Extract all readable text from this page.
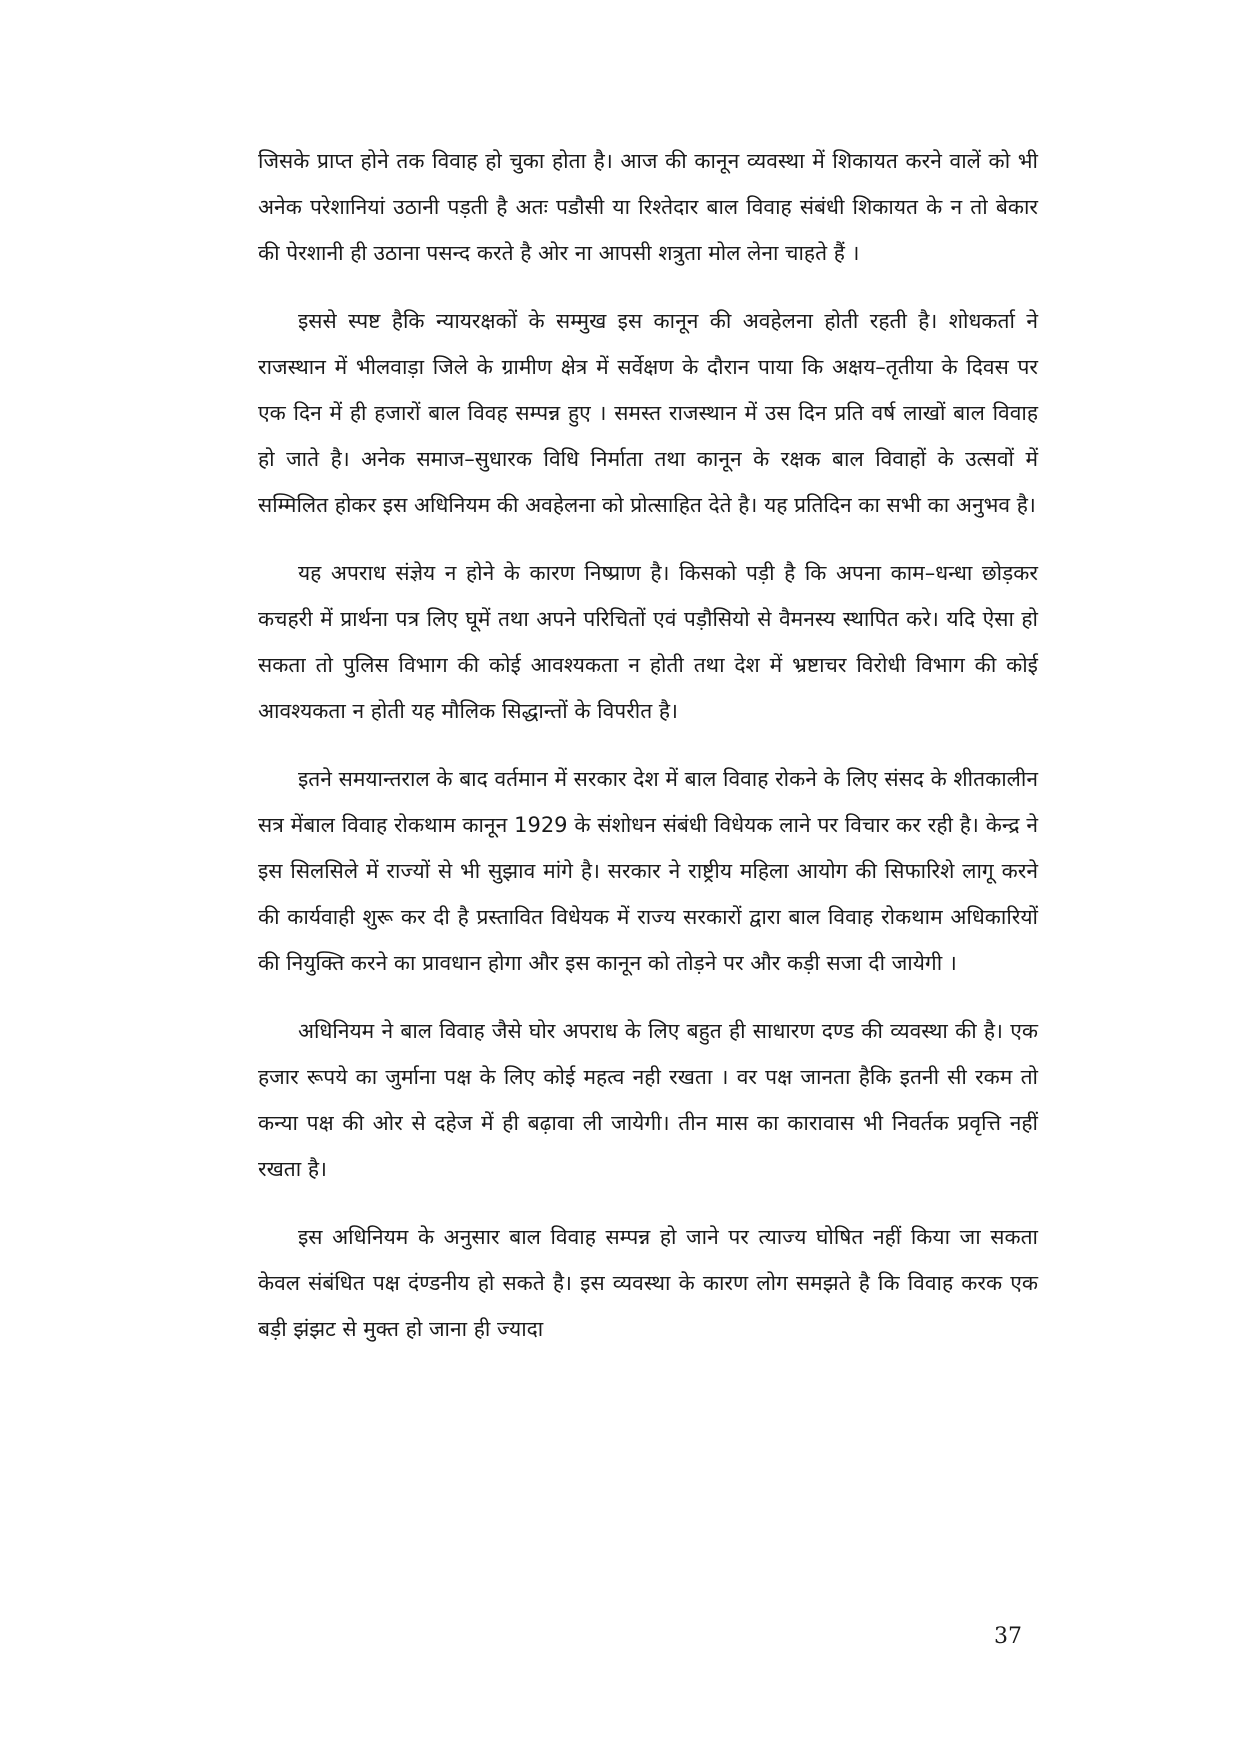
जिसके प्राप्त होने तक विवाह हो चुका होता है। आज की कानून व्यवस्था में शिकायत करने वालें को भी अनेक परेशानियां उठानी पड़ती है अतः पडौसी या रिश्तेदार बाल विवाह संबंधी शिकायत के न तो बेकार की पेरशानी ही उठाना पसन्द करते है ओर ना आपसी शत्रुता मोल लेना चाहते हैं ।

इससे स्पष्ट हैकि न्यायरक्षकों के सम्मुख इस कानून की अवहेलना होती रहती है। शोधकर्ता ने राजस्थान में भीलवाड़ा जिले के ग्रामीण क्षेत्र में सर्वेक्षण के दौरान पाया कि अक्षय–तृतीया के दिवस पर एक दिन में ही हजारों बाल विवह सम्पन्न हुए । समस्त राजस्थान में उस दिन प्रति वर्ष लाखों बाल विवाह हो जाते है। अनेक समाज–सुधारक विधि निर्माता तथा कानून के रक्षक बाल विवाहों के उत्सवों में सम्मिलित होकर इस अधिनियम की अवहेलना को प्रोत्साहित देते है। यह प्रतिदिन का सभी का अनुभव है।

यह अपराध संज्ञेय न होने के कारण निष्प्राण है। किसको पड़ी है कि अपना काम–धन्धा छोड़कर कचहरी में प्रार्थना पत्र लिए घूमें तथा अपने परिचितों एवं पड़ौसियो से वैमनस्य स्थापित करे। यदि ऐसा हो सकता तो पुलिस विभाग की कोई आवश्यकता न होती तथा देश में भ्रष्टाचर विरोधी विभाग की कोई आवश्यकता न होती यह मौलिक सिद्धान्तों के विपरीत है।

इतने समयान्तराल के बाद वर्तमान में सरकार देश में बाल विवाह रोकने के लिए संसद के शीतकालीन सत्र मेंबाल विवाह रोकथाम कानून 1929 के संशोधन संबंधी विधेयक लाने पर विचार कर रही है। केन्द्र ने इस सिलसिले में राज्यों से भी सुझाव मांगे है। सरकार ने राष्ट्रीय महिला आयोग की सिफारिशे लागू करने की कार्यवाही शुरू कर दी है प्रस्तावित विधेयक में राज्य सरकारों द्वारा बाल विवाह रोकथाम अधिकारियों की नियुक्ति करने का प्रावधान होगा और इस कानून को तोड़ने पर और कड़ी सजा दी जायेगी ।

अधिनियम ने बाल विवाह जैसे घोर अपराध के लिए बहुत ही साधारण दण्ड की व्यवस्था की है। एक हजार रूपये का जुर्माना पक्ष के लिए कोई महत्व नही रखता । वर पक्ष जानता हैकि इतनी सी रकम तो कन्या पक्ष की ओर से दहेज में ही बढ़ावा ली जायेगी। तीन मास का कारावास भी निवर्तक प्रवृत्ति नहीं रखता है।

इस अधिनियम के अनुसार बाल विवाह सम्पन्न हो जाने पर त्याज्य घोषित नहीं किया जा सकता केवल संबंधित पक्ष दंण्डनीय हो सकते है। इस व्यवस्था के कारण लोग समझते है कि विवाह करक एक बड़ी झंझट से मुक्त हो जाना ही ज्यादा

37
